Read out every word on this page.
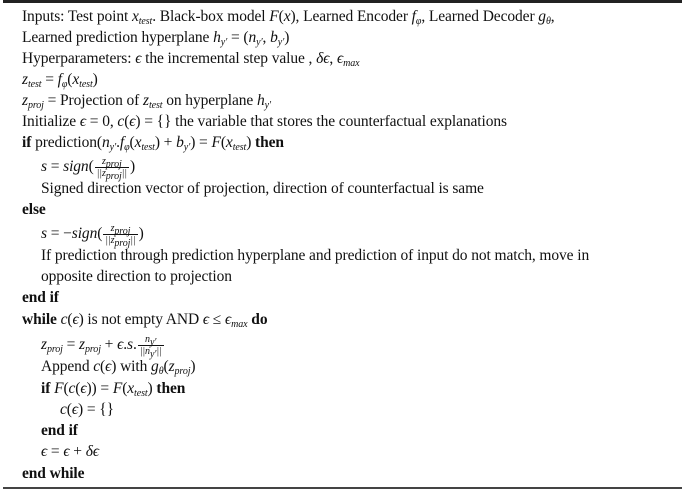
Inputs: Test point $x_{test}$. Black-box model F(x), Learned Encoder $f_\varphi$, Learned Decoder $g_\theta$,
Learned prediction hyperplane $h_{y'} = (n_{y'}$, $b_{y'}$)
Hyperparameters: ϵ the incremental step value , δϵ, $\epsilon_{max}$
$z_{test} = f_\varphi(x_{test})$
$z_{proj}$ = Projection of $z_{test}$ on hyperplane $h_{y'}$
Initialize ϵ = 0, c(ϵ) = {} the variable that stores the counterfactual explanations
if $prediction(n_{y'}.f_\varphi(x_{test}) + b_{y'}) = F(x_{test})$ then
s = sign( $\frac{z_{proj}}{||z_{proj}||}$ )
Signed direction vector of projection, direction of counterfactual is same
else
s = −sign( $\frac{z_{proj}}{||z_{proj}||}$ )
If prediction through prediction hyperplane and prediction of input do not match, move in
opposite direction to projection
end if
while c(ϵ) is not empty AND $\epsilon \le \epsilon_{max}$ do
$z_{proj} = z_{proj} + \epsilon.s$. $\frac{n_{y'}}{||n_{y'}||}$
Append c(ϵ) with $g_\theta(z_{proj})$
if $F(c(\epsilon)) = F(x_{test})$ then
c(ϵ) = {}
end if
ϵ = ϵ + δϵ
end while
